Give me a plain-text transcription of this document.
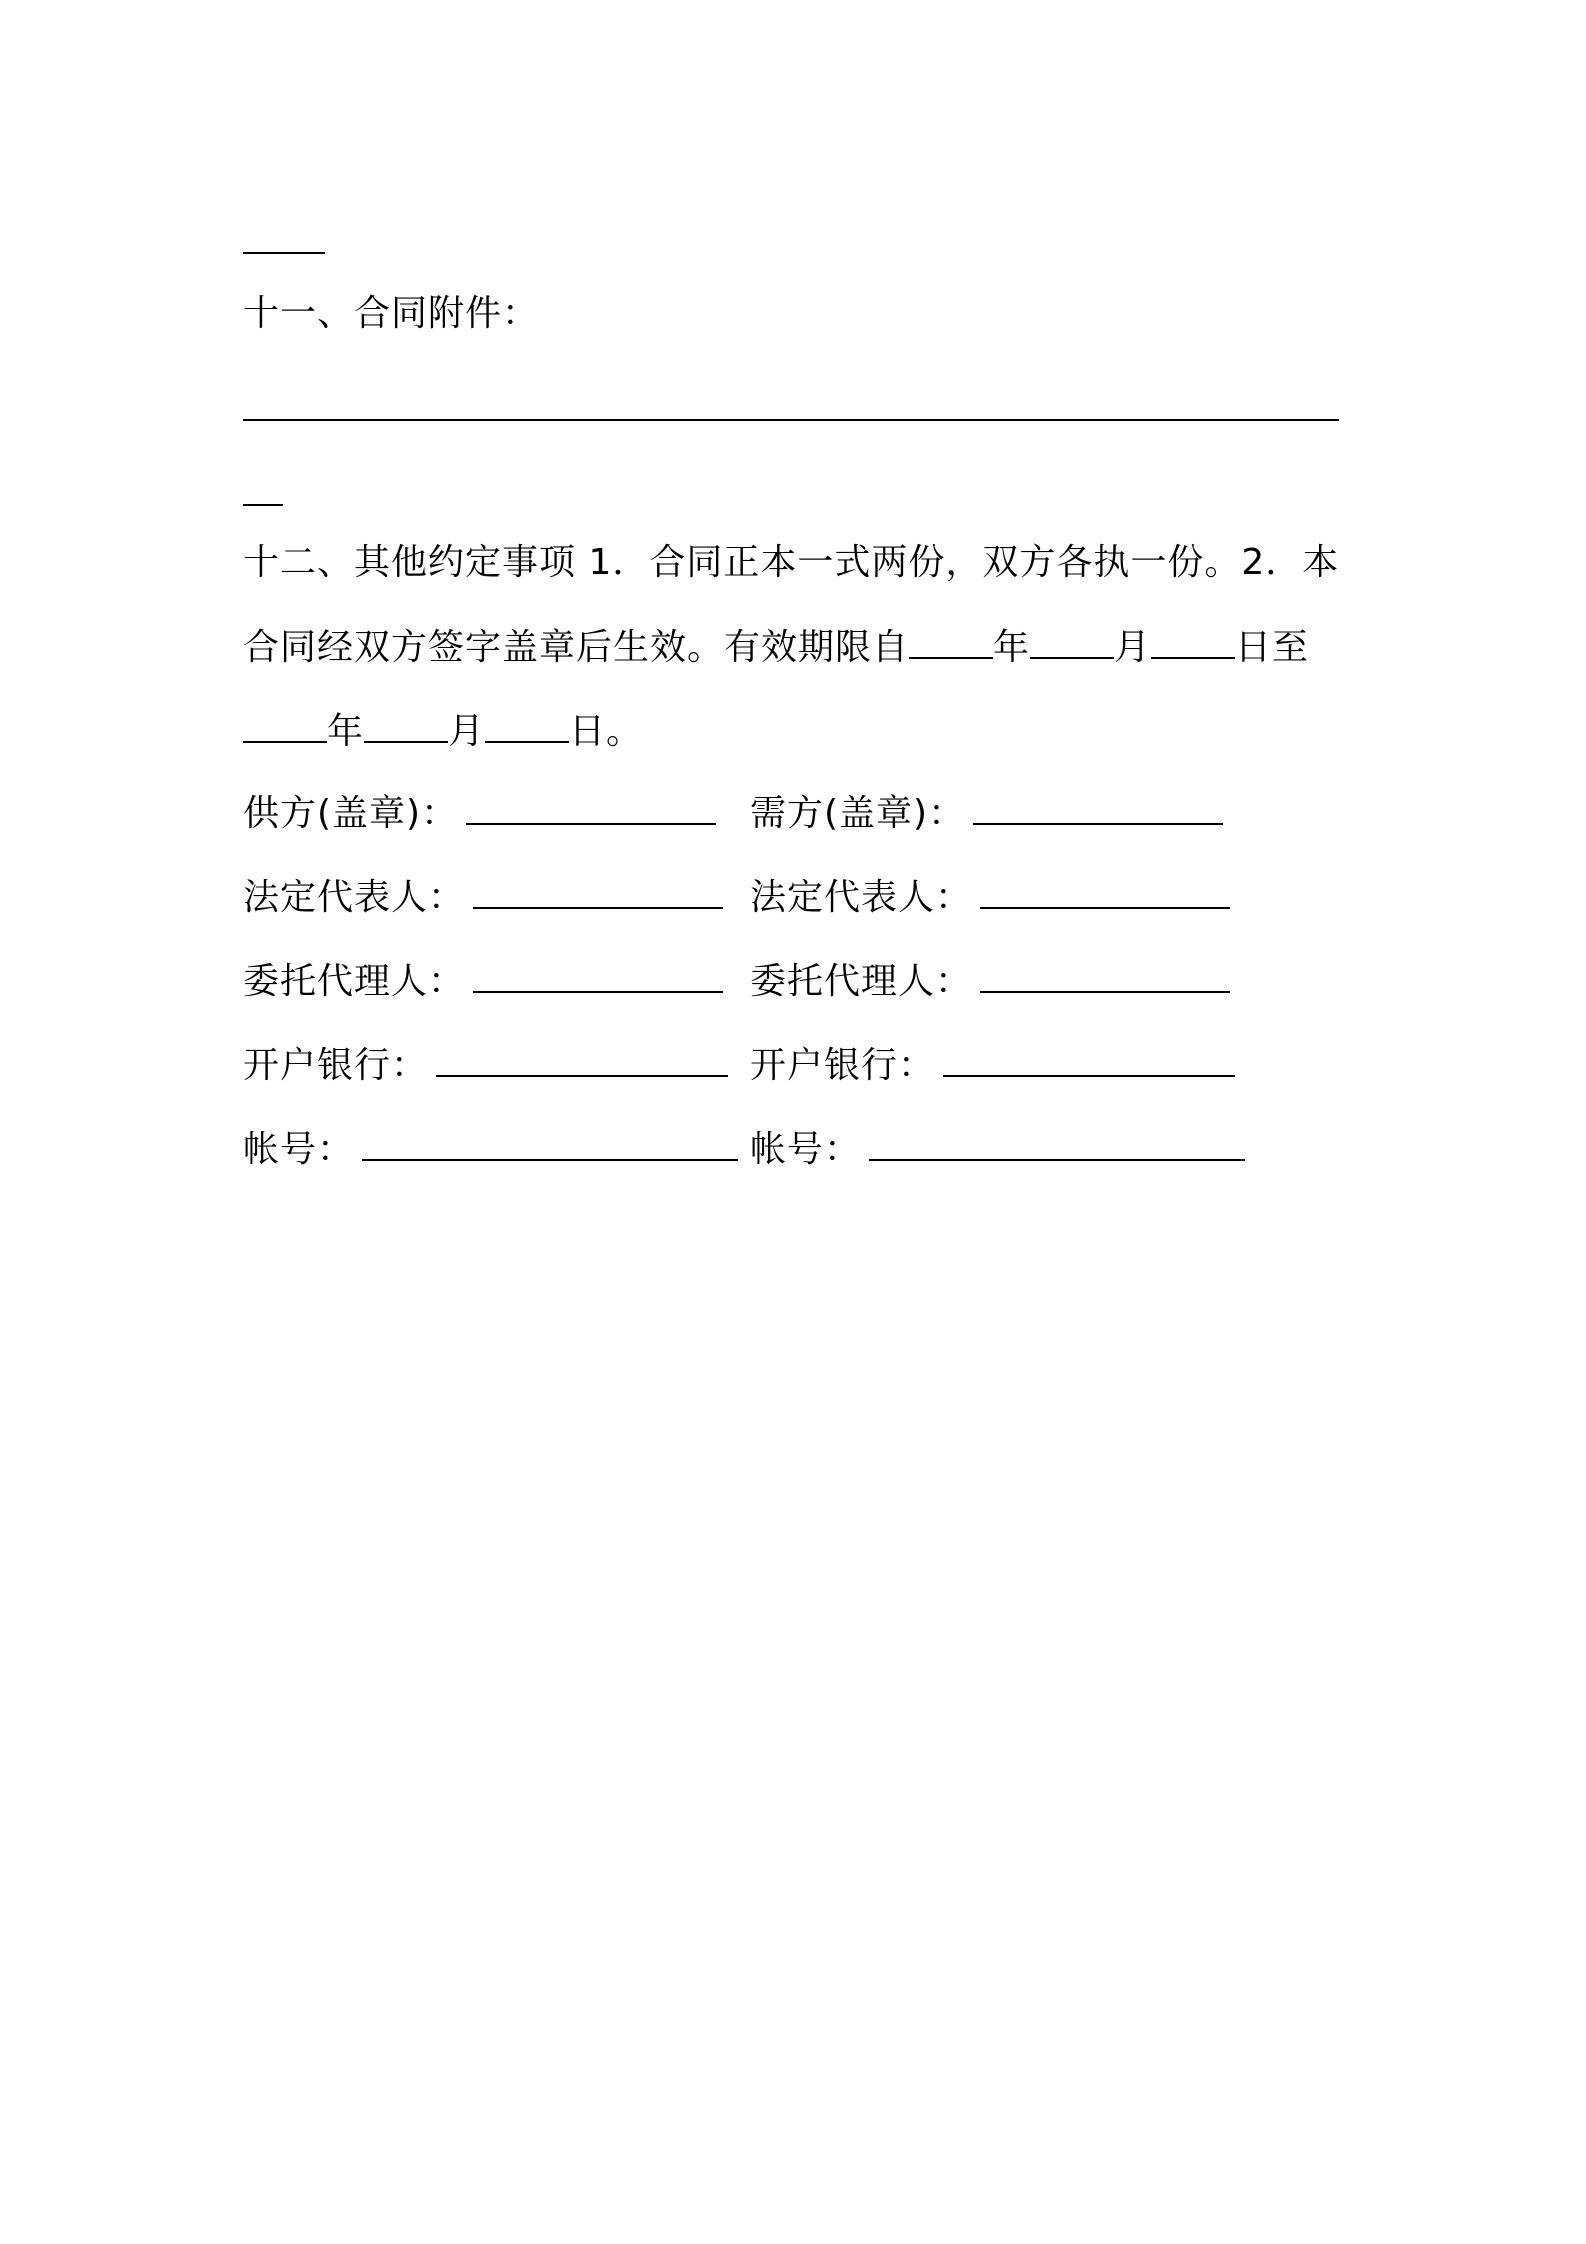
十一、合同附件：
十二、其他约定事项 1．合同正本一式两份，双方各执一份。2．本
合同经双方签字盖章后生效。有效期限自 年 月 日至
年 月 日。
供方(盖章)：	需方(盖章)：
法定代表人：	法定代表人：
委托代理人：	委托代理人：
开户银行：	开户银行：
帐号：	帐号：
